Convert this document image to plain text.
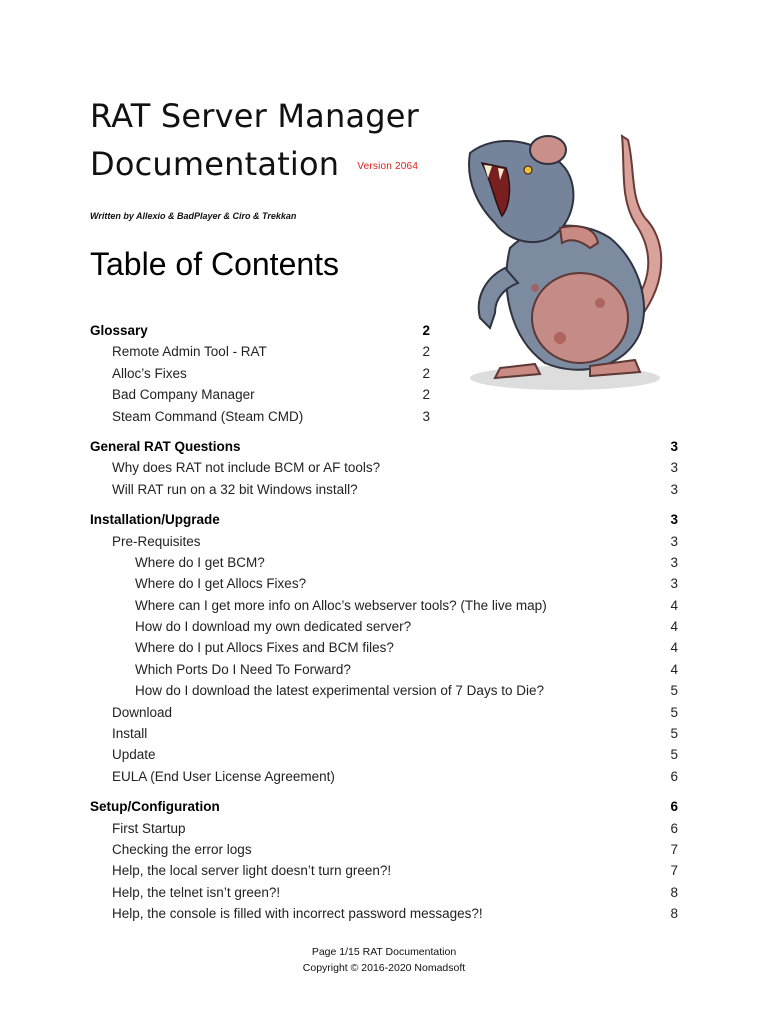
RAT Server Manager
Documentation Version 2064
Written by Allexio & BadPlayer & Ciro & Trekkan
Table of Contents
Glossary	2
Remote Admin Tool - RAT	2
Alloc’s Fixes	2
Bad Company Manager	2
Steam Command (Steam CMD)	3
General RAT Questions	3
Why does RAT not include BCM or AF tools?	3
Will RAT run on a 32 bit Windows install?	3
Installation/Upgrade	3
Pre-Requisites	3
Where do I get BCM?	3
Where do I get Allocs Fixes?	3
Where can I get more info on Alloc’s webserver tools? (The live map)	4
How do I download my own dedicated server?	4
Where do I put Allocs Fixes and BCM files?	4
Which Ports Do I Need To Forward?	4
How do I download the latest experimental version of 7 Days to Die?	5
Download	5
Install	5
Update	5
EULA (End User License Agreement)	6
Setup/Configuration	6
First Startup	6
Checking the error logs	7
Help, the local server light doesn’t turn green?!	7
Help, the telnet isn’t green?!	8
Help, the console is filled with incorrect password messages?!	8
Page 1/15 RAT Documentation
Copyright © 2016-2020 Nomadsoft
